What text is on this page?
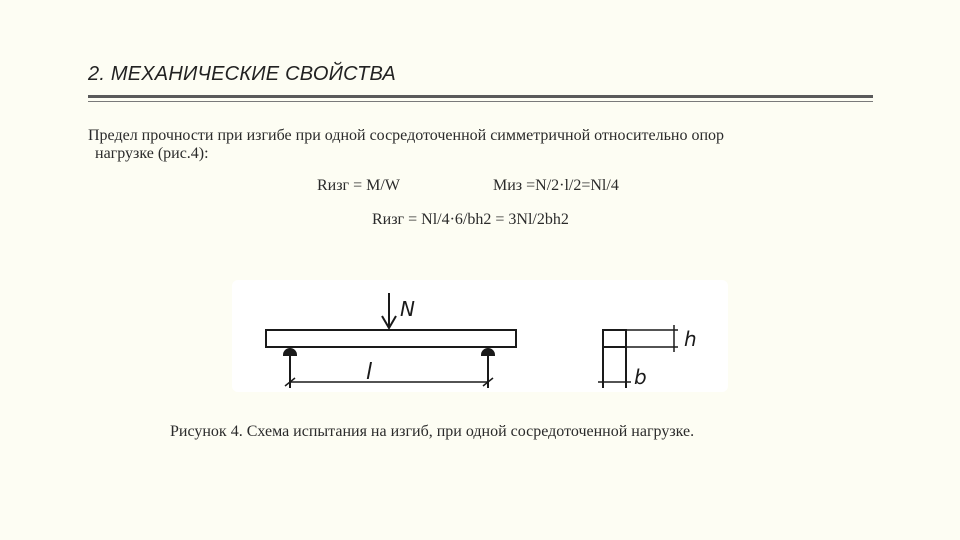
2. МЕХАНИЧЕСКИЕ СВОЙСТВА
Предел прочности при изгибе при одной сосредоточенной симметричной относительно опор
нагрузке (рис.4):
Rизг = M/W	Mиз =N/2·l/2=Nl/4
Rизг = Nl/4·6/bh2 = 3Nl/2bh2
N
l
h
b
Рисунок 4. Схема испытания на изгиб, при одной сосредоточенной нагрузке.
